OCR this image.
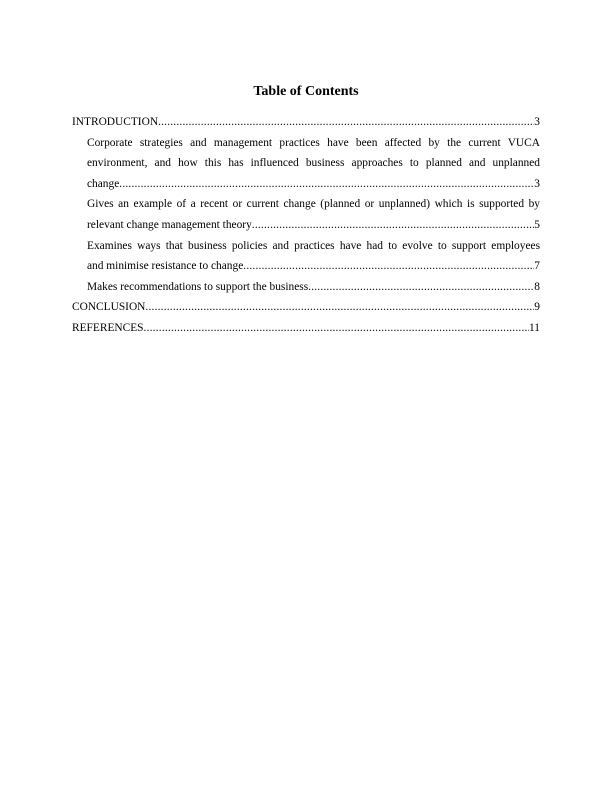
Table of Contents
INTRODUCTION .....	3
Corporate strategies and management practices have been affected by the current VUCA
environment, and how this has influenced business approaches to planned and unplanned
change .....	3
Gives an example of a recent or current change (planned or unplanned) which is supported by
relevant change management theory .....	5
Examines ways that business policies and practices have had to evolve to support employees
and minimise resistance to change .....	7
Makes recommendations to support the business .....	8
CONCLUSION .....	9
REFERENCES .....	11
